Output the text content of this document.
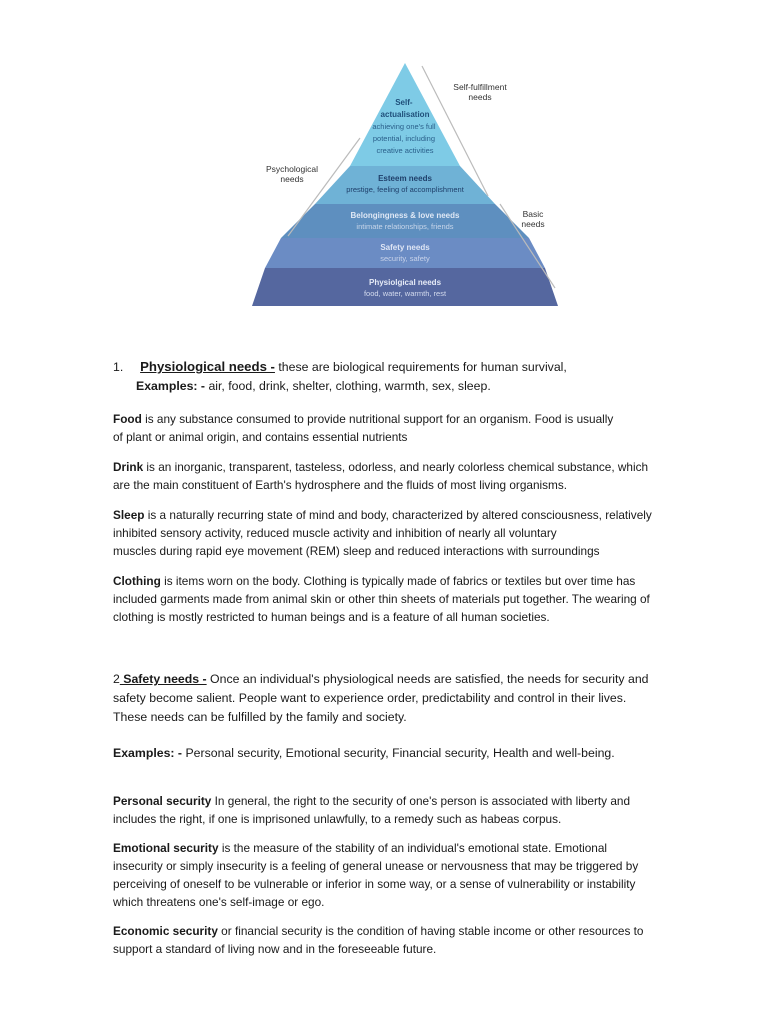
Self- actualisation
achieving one's full potential, including creative activities
Esteem needs
prestige, feeling of accomplishment
Belongingness & love needs
intimate relationships, friends
Safety needs
security, safety
Physiolgical needs
food, water, warmth, rest
Self-fulfillment
needs
Psychological
needs
Basic
needs
1. Physiological needs - these are biological requirements for human survival,
Examples: - air, food, drink, shelter, clothing, warmth, sex, sleep.

Food is any substance consumed to provide nutritional support for an organism. Food is usually

of plant or animal origin, and contains essential nutrients

Drink is an inorganic, transparent, tasteless, odorless, and nearly colorless chemical substance, which

are the main constituent of Earth's hydrosphere and the fluids of most living organisms.

Sleep is a naturally recurring state of mind and body, characterized by altered consciousness, relatively

inhibited sensory activity, reduced muscle activity and inhibition of nearly all voluntary

muscles during rapid eye movement (REM) sleep and reduced interactions with surroundings

Clothing is items worn on the body. Clothing is typically made of fabrics or textiles but over time has

included garments made from animal skin or other thin sheets of materials put together. The wearing of

clothing is mostly restricted to human beings and is a feature of all human societies.

2 Safety needs - Once an individual's physiological needs are satisfied, the needs for security and
safety become salient. People want to experience order, predictability and control in their lives.
These needs can be fulfilled by the family and society.
Examples: - Personal security, Emotional security, Financial security, Health and well-being.

Personal security In general, the right to the security of one's person is associated with liberty and

includes the right, if one is imprisoned unlawfully, to a remedy such as habeas corpus.

Emotional security is the measure of the stability of an individual's emotional state. Emotional

insecurity or simply insecurity is a feeling of general unease or nervousness that may be triggered by

perceiving of oneself to be vulnerable or inferior in some way, or a sense of vulnerability or instability

which threatens one's self-image or ego.

Economic security or financial security is the condition of having stable income or other resources to

support a standard of living now and in the foreseeable future.
